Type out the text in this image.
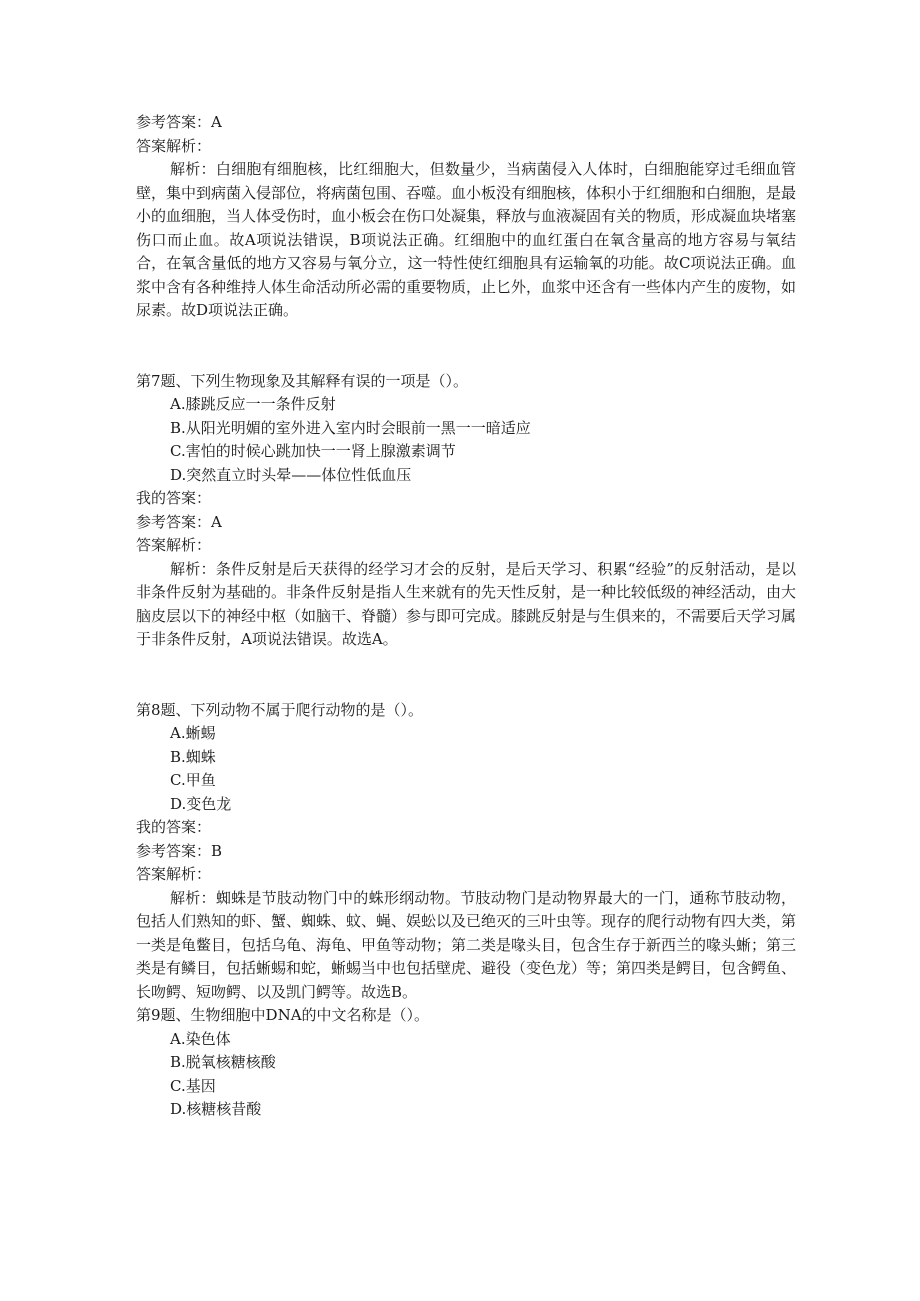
参考答案：A
答案解析：
解析：白细胞有细胞核，比红细胞大，但数量少，当病菌侵入人体时，白细胞能穿过毛细血管壁，集中到病菌入侵部位，将病菌包围、吞噬。血小板没有细胞核，体积小于红细胞和白细胞，是最小的血细胞，当人体受伤时，血小板会在伤口处凝集，释放与血液凝固有关的物质，形成凝血块堵塞伤口而止血。故A项说法错误，B项说法正确。红细胞中的血红蛋白在氧含量高的地方容易与氧结合，在氧含量低的地方又容易与氧分立，这一特性使红细胞具有运输氧的功能。故C项说法正确。血浆中含有各种维持人体生命活动所必需的重要物质，止匕外，血浆中还含有一些体内产生的废物，如尿素。故D项说法正确。
第7题、下列生物现象及其解释有误的一项是（）。
A.膝跳反应一一条件反射
B.从阳光明媚的室外进入室内时会眼前一黑一一暗适应
C.害怕的时候心跳加快一一肾上腺激素调节
D.突然直立时头晕——体位性低血压
我的答案：
参考答案：A
答案解析：
解析：条件反射是后天获得的经学习才会的反射，是后天学习、积累“经验”的反射活动，是以非条件反射为基础的。非条件反射是指人生来就有的先天性反射，是一种比较低级的神经活动，由大脑皮层以下的神经中枢（如脑干、脊髓）参与即可完成。膝跳反射是与生俱来的，不需要后天学习属于非条件反射，A项说法错误。故选A。
第8题、下列动物不属于爬行动物的是（）。
A.蜥蜴
B.蜘蛛
C.甲鱼
D.变色龙
我的答案：
参考答案：B
答案解析：
解析：蜘蛛是节肢动物门中的蛛形纲动物。节肢动物门是动物界最大的一门，通称节肢动物，包括人们熟知的虾、蟹、蜘蛛、蚊、蝇、娱蚣以及已绝灭的三叶虫等。现存的爬行动物有四大类，第一类是龟鳖目，包括乌龟、海龟、甲鱼等动物；第二类是喙头目，包含生存于新西兰的喙头蜥；第三类是有鳞目，包括蜥蜴和蛇，蜥蜴当中也包括壁虎、避役（变色龙）等；第四类是鳄目，包含鳄鱼、长吻鳄、短吻鳄、以及凯门鳄等。故选B。
第9题、生物细胞中DNA的中文名称是（）。
A.染色体
B.脱氧核糖核酸
C.基因
D.核糖核昔酸
